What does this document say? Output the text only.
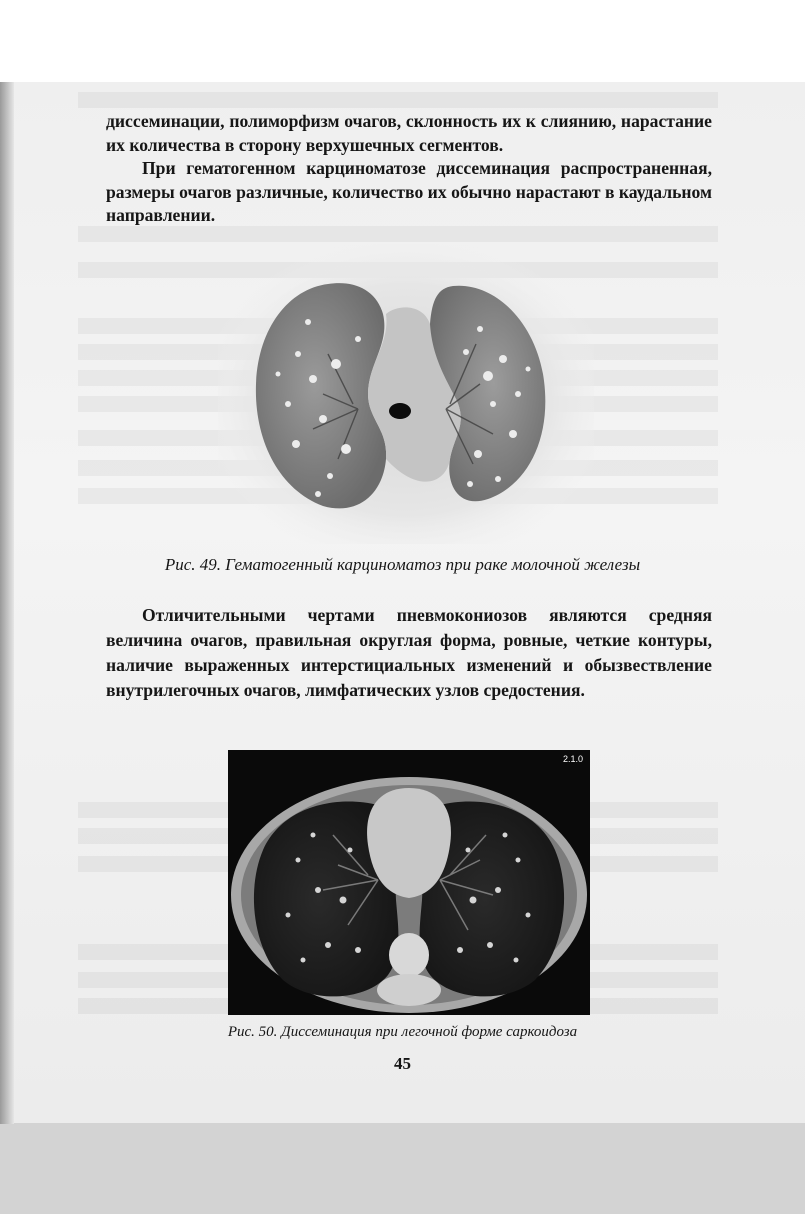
диссеминации, полиморфизм очагов, склонность их к слиянию, нарастание их количества в сторону верхушечных сегментов.

При гематогенном карциноматозе диссеминация распространенная, размеры очагов различные, количество их обычно нарастают в каудальном направлении.

Рис. 49. Гематогенный карциноматоз при раке молочной железы

Отличительными чертами пневмокониозов являются средняя величина очагов, правильная округлая форма, ровные, четкие контуры, наличие выраженных интерстициальных изменений и обызвествление внутрилегочных очагов, лимфатических узлов средостения.

2.1.0

Рис. 50. Диссеминация при легочной форме саркоидоза

45
